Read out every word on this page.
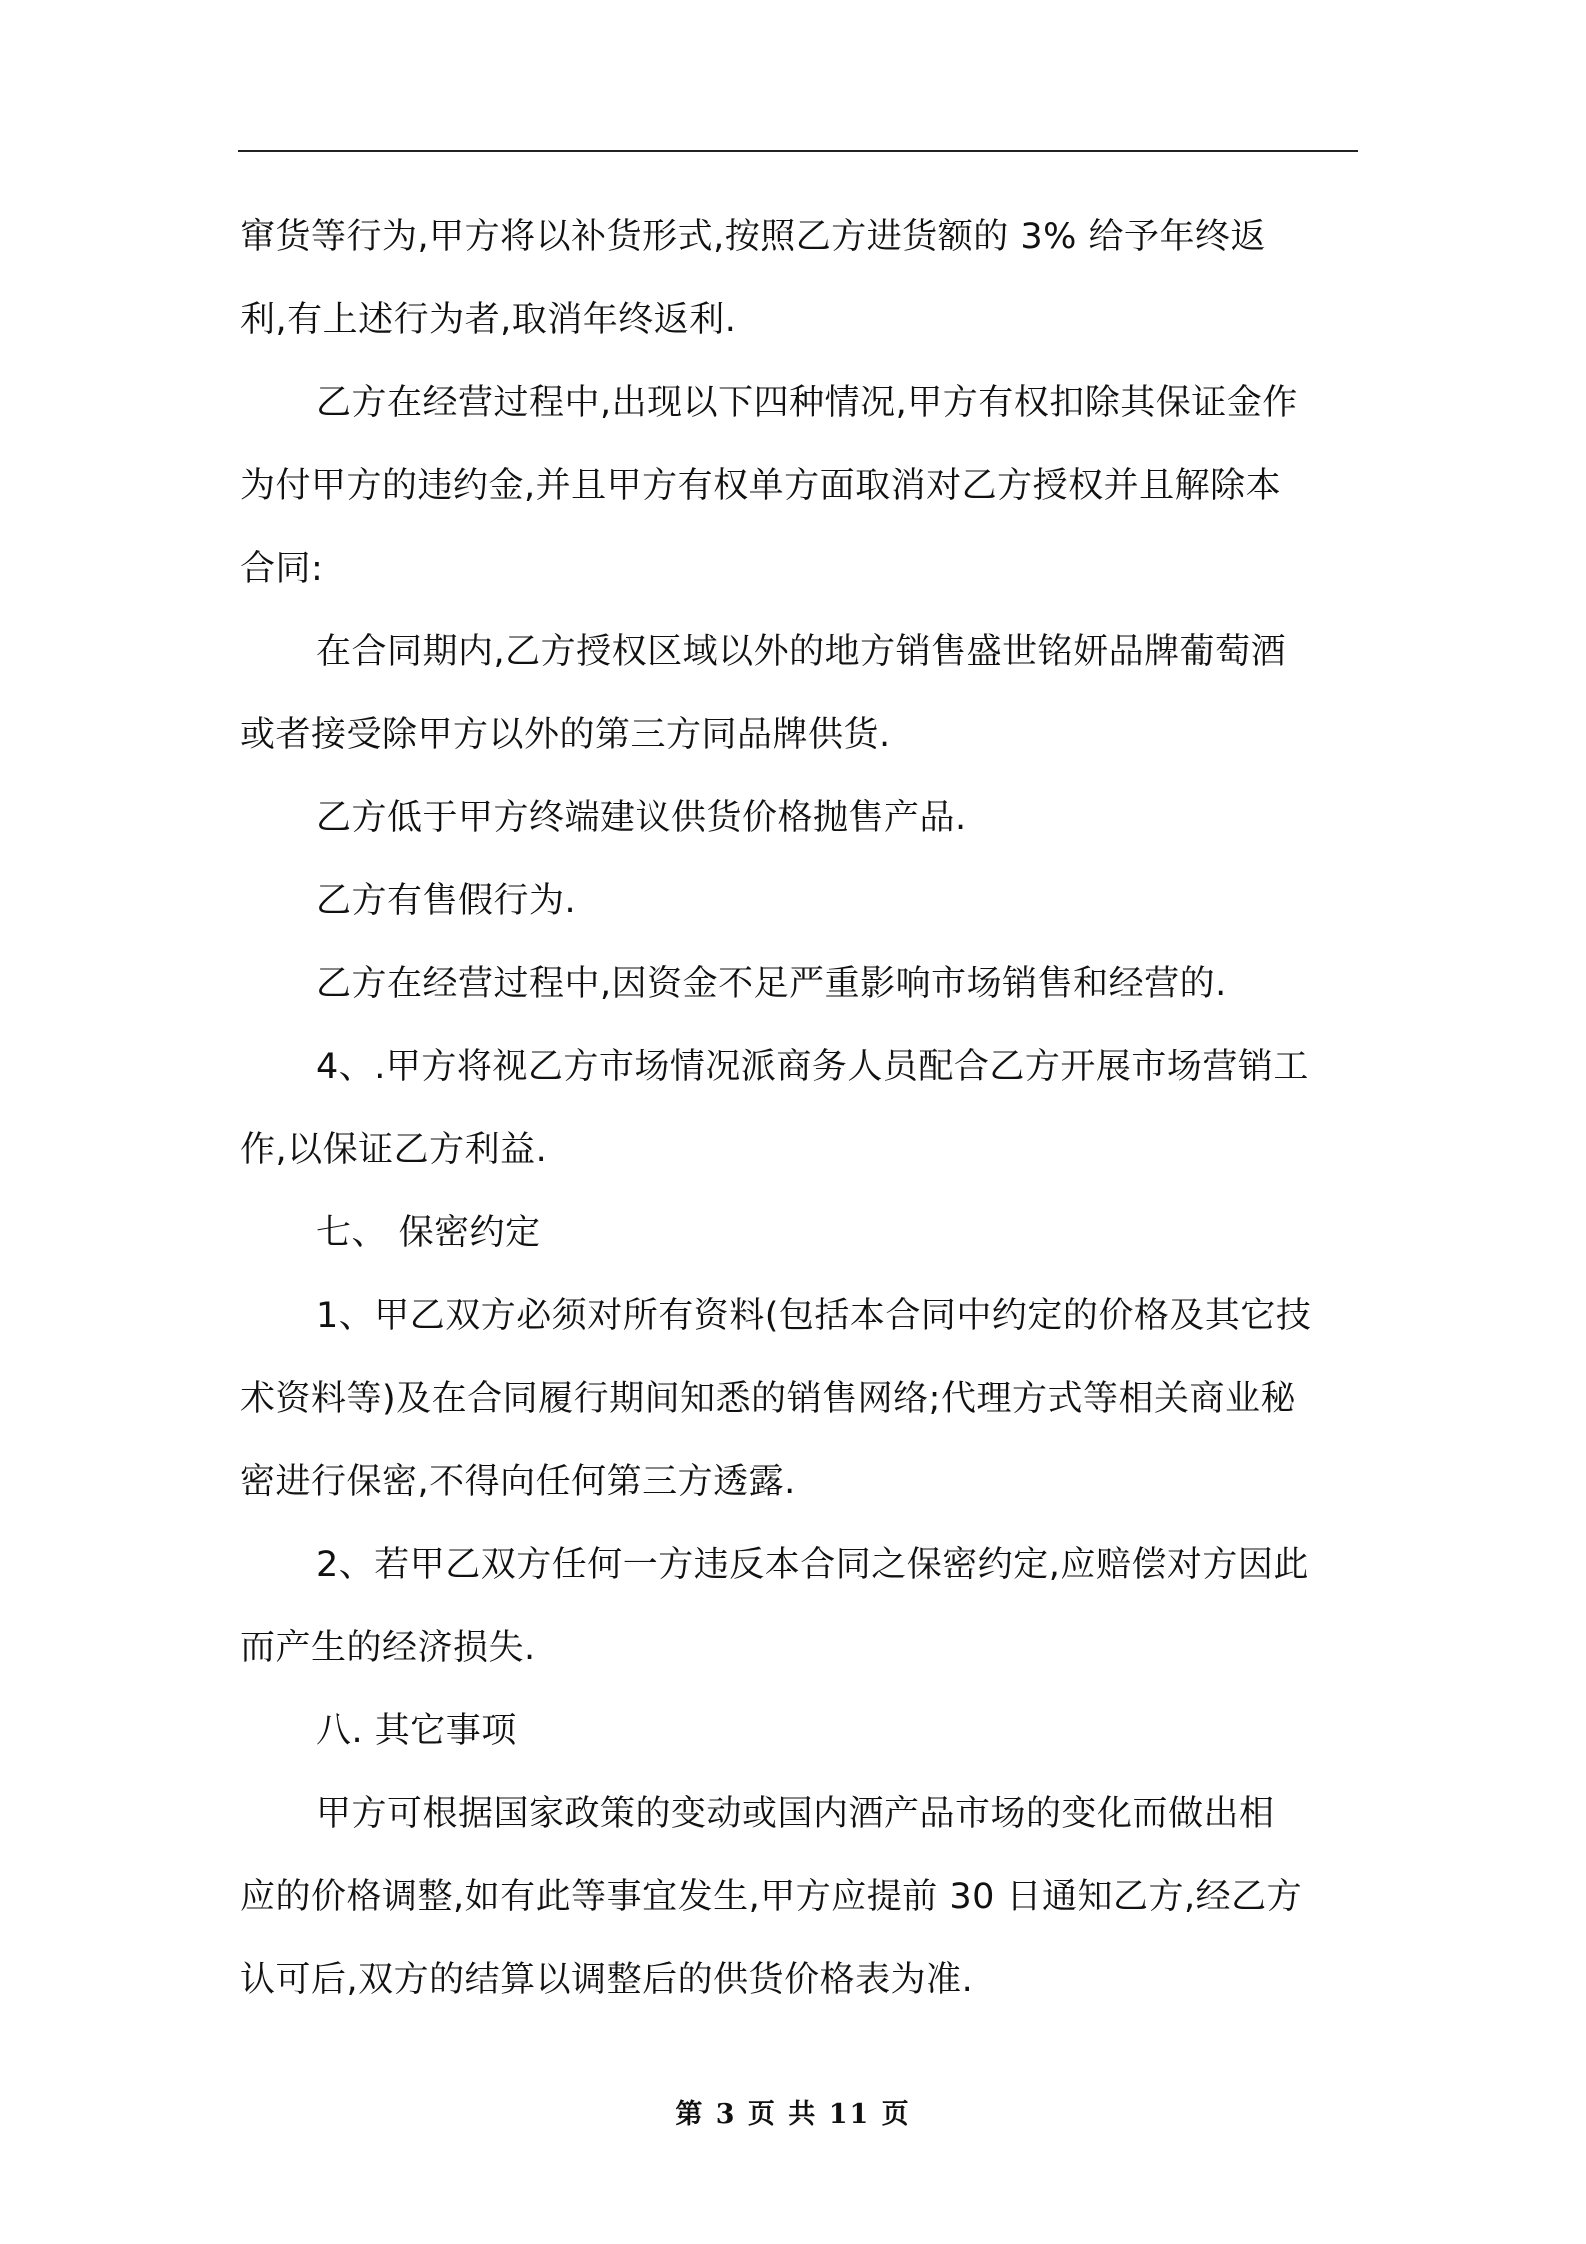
窜货等行为,甲方将以补货形式,按照乙方进货额的 3% 给予年终返
利,有上述行为者,取消年终返利.
乙方在经营过程中,出现以下四种情况,甲方有权扣除其保证金作
为付甲方的违约金,并且甲方有权单方面取消对乙方授权并且解除本
合同:
在合同期内,乙方授权区域以外的地方销售盛世铭妍品牌葡萄酒
或者接受除甲方以外的第三方同品牌供货.
乙方低于甲方终端建议供货价格抛售产品.
乙方有售假行为.
乙方在经营过程中,因资金不足严重影响市场销售和经营的.
4、.甲方将视乙方市场情况派商务人员配合乙方开展市场营销工
作,以保证乙方利益.
七、 保密约定
1、甲乙双方必须对所有资料(包括本合同中约定的价格及其它技
术资料等)及在合同履行期间知悉的销售网络;代理方式等相关商业秘
密进行保密,不得向任何第三方透露.
2、若甲乙双方任何一方违反本合同之保密约定,应赔偿对方因此
而产生的经济损失.
八. 其它事项
甲方可根据国家政策的变动或国内酒产品市场的变化而做出相
应的价格调整,如有此等事宜发生,甲方应提前 30 日通知乙方,经乙方
认可后,双方的结算以调整后的供货价格表为准.
第 3 页 共 11 页
